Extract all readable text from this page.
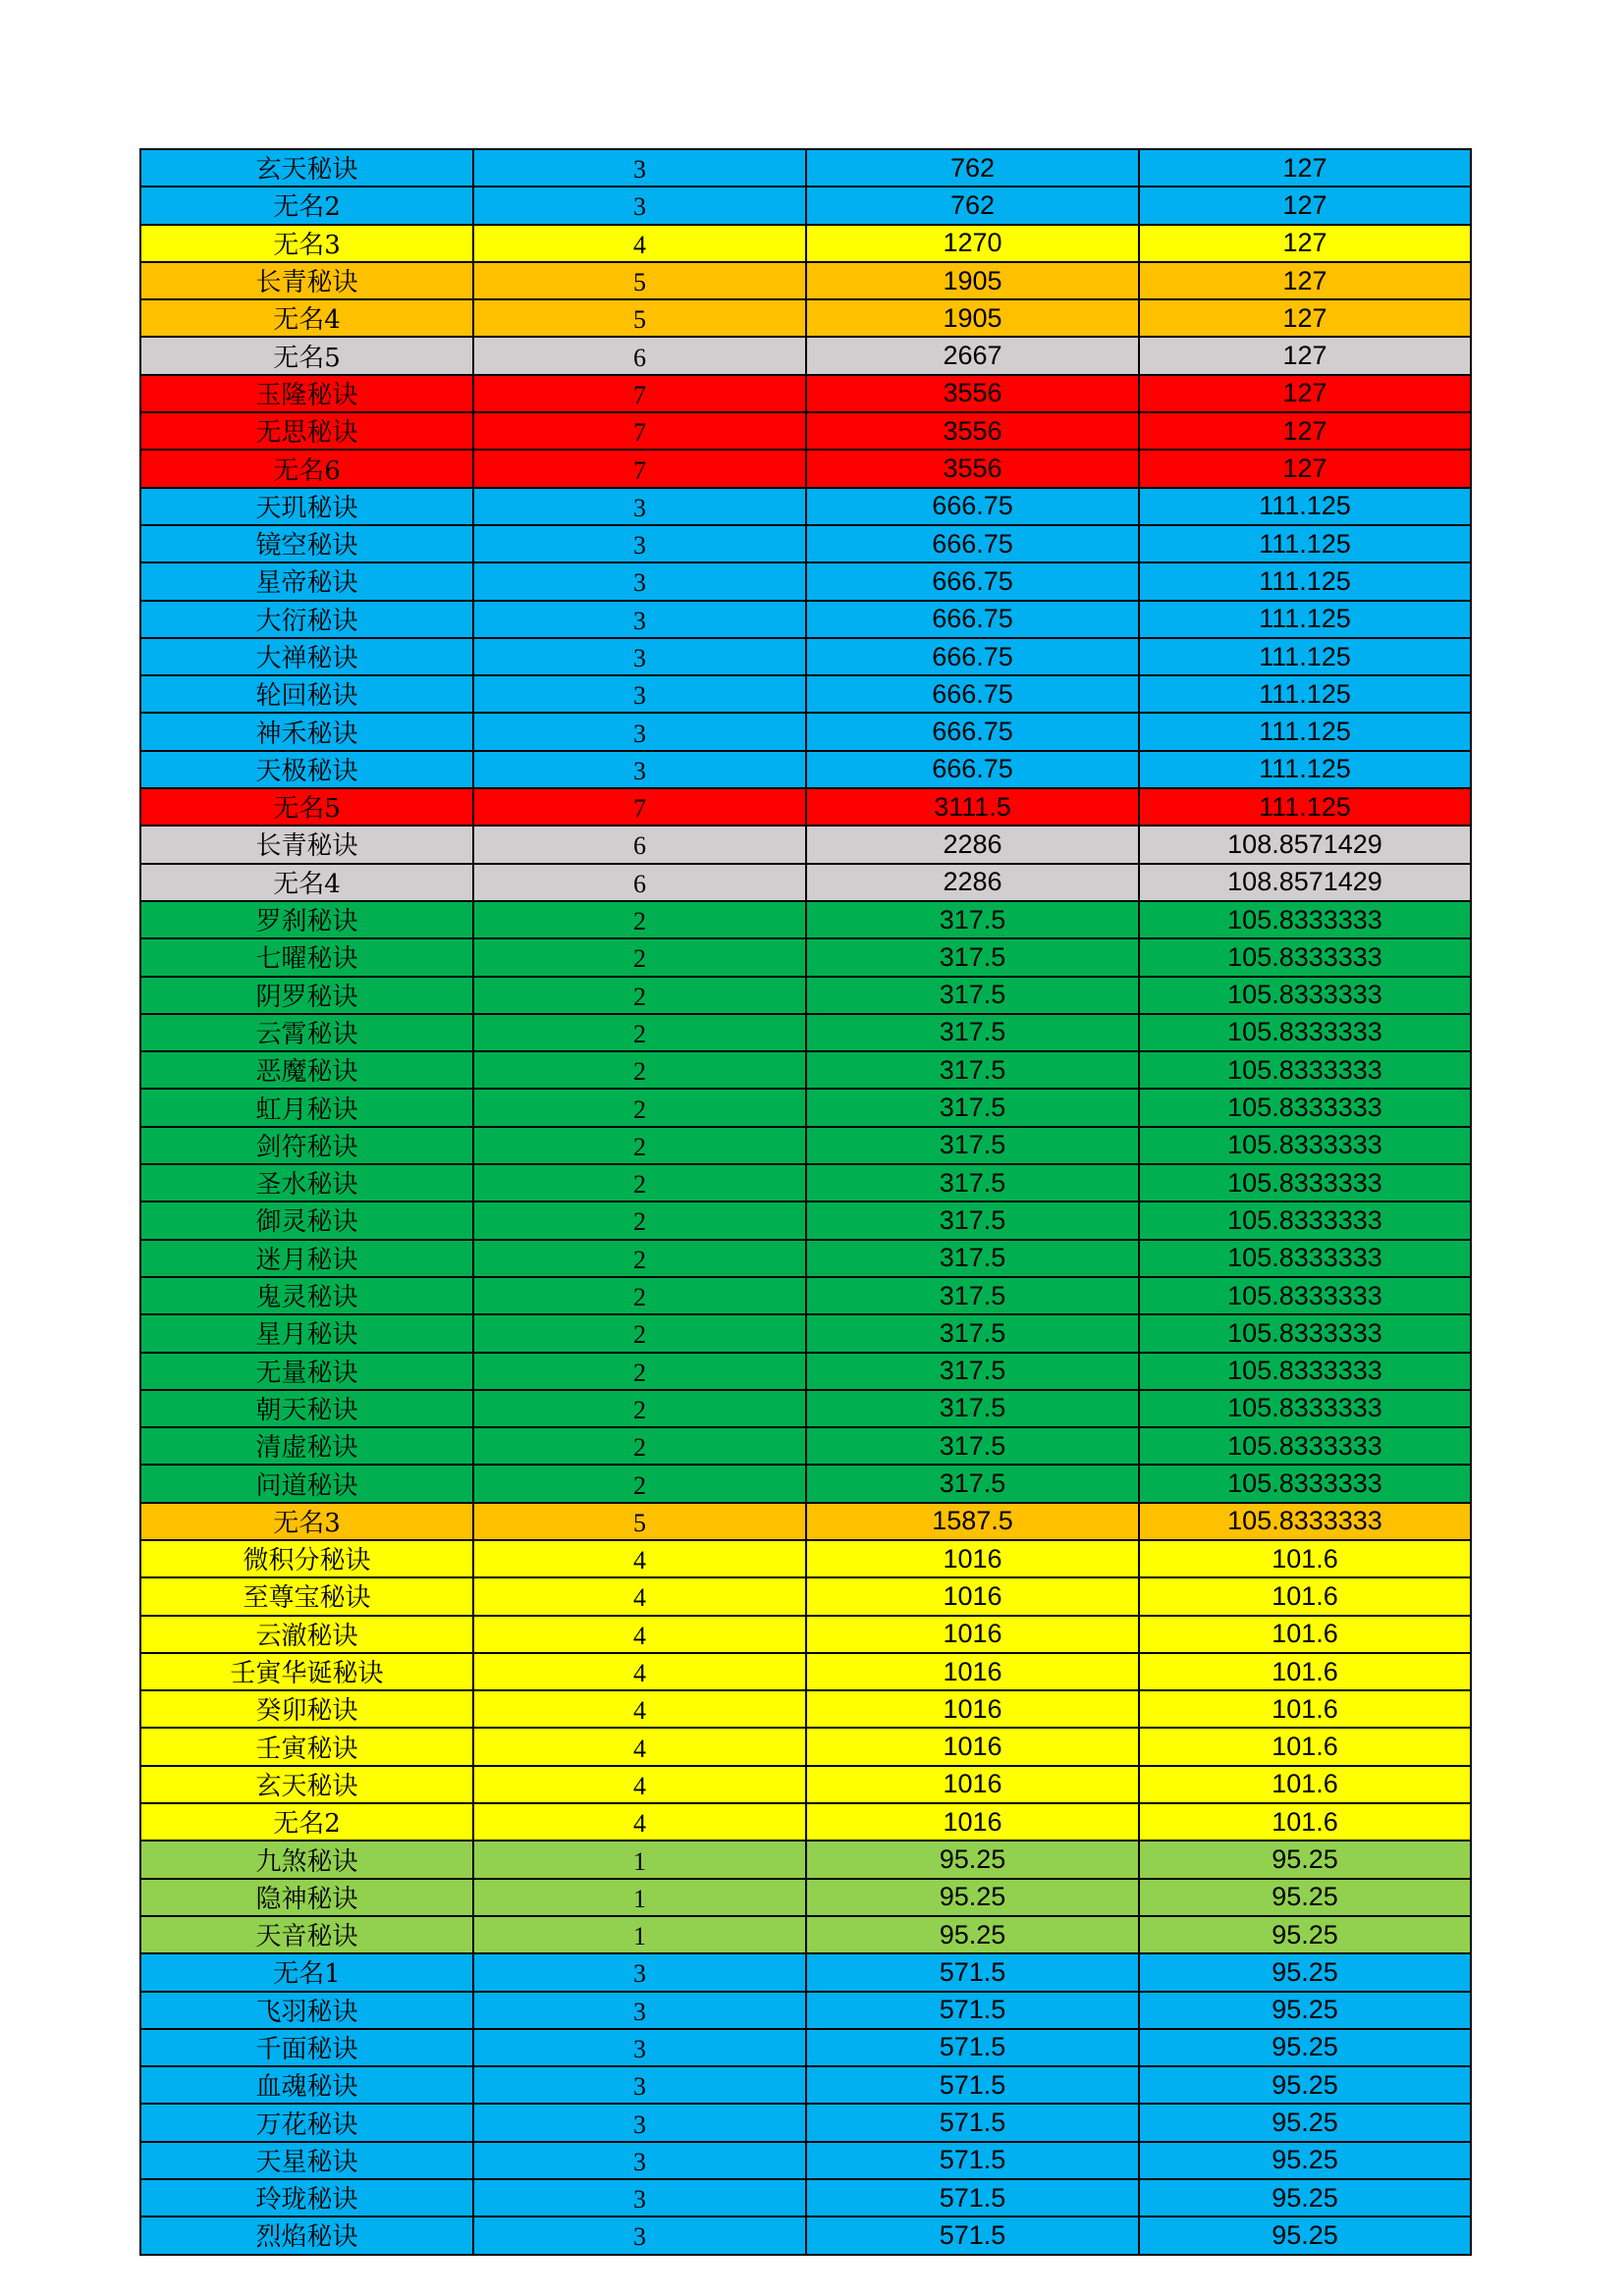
玄天秘诀	3	762	127
无名2	3	762	127
无名3	4	1270	127
长青秘诀	5	1905	127
无名4	5	1905	127
无名5	6	2667	127
玉隆秘诀	7	3556	127
无思秘诀	7	3556	127
无名6	7	3556	127
天玑秘诀	3	666.75	111.125
镜空秘诀	3	666.75	111.125
星帝秘诀	3	666.75	111.125
大衍秘诀	3	666.75	111.125
大禅秘诀	3	666.75	111.125
轮回秘诀	3	666.75	111.125
神禾秘诀	3	666.75	111.125
天极秘诀	3	666.75	111.125
无名5	7	3111.5	111.125
长青秘诀	6	2286	108.8571429
无名4	6	2286	108.8571429
罗刹秘诀	2	317.5	105.8333333
七曜秘诀	2	317.5	105.8333333
阴罗秘诀	2	317.5	105.8333333
云霄秘诀	2	317.5	105.8333333
恶魔秘诀	2	317.5	105.8333333
虹月秘诀	2	317.5	105.8333333
剑符秘诀	2	317.5	105.8333333
圣水秘诀	2	317.5	105.8333333
御灵秘诀	2	317.5	105.8333333
迷月秘诀	2	317.5	105.8333333
鬼灵秘诀	2	317.5	105.8333333
星月秘诀	2	317.5	105.8333333
无量秘诀	2	317.5	105.8333333
朝天秘诀	2	317.5	105.8333333
清虚秘诀	2	317.5	105.8333333
问道秘诀	2	317.5	105.8333333
无名3	5	1587.5	105.8333333
微积分秘诀	4	1016	101.6
至尊宝秘诀	4	1016	101.6
云澈秘诀	4	1016	101.6
壬寅华诞秘诀	4	1016	101.6
癸卯秘诀	4	1016	101.6
壬寅秘诀	4	1016	101.6
玄天秘诀	4	1016	101.6
无名2	4	1016	101.6
九煞秘诀	1	95.25	95.25
隐神秘诀	1	95.25	95.25
天音秘诀	1	95.25	95.25
无名1	3	571.5	95.25
飞羽秘诀	3	571.5	95.25
千面秘诀	3	571.5	95.25
血魂秘诀	3	571.5	95.25
万花秘诀	3	571.5	95.25
天星秘诀	3	571.5	95.25
玲珑秘诀	3	571.5	95.25
烈焰秘诀	3	571.5	95.25
